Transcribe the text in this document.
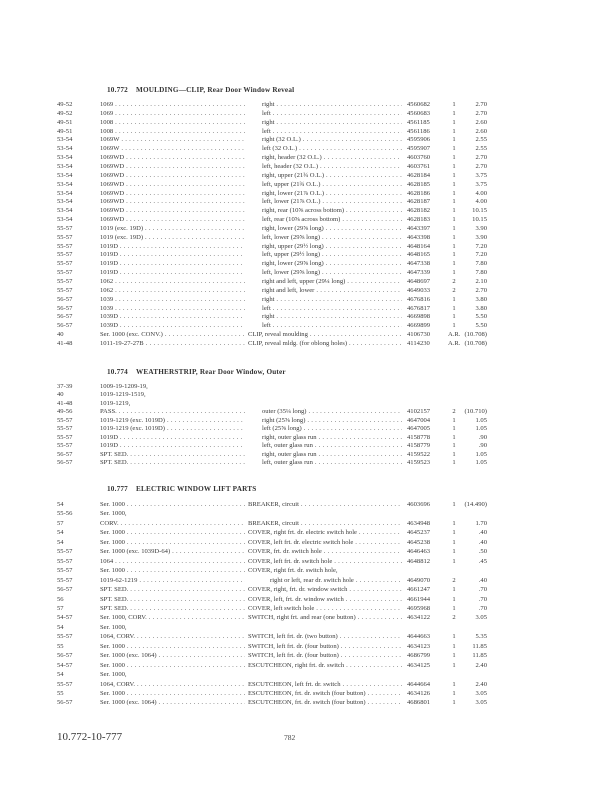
10.772 MOULDING—CLIP, Rear Door Window Reveal
49-52	1069 . . .	right . . .	4560682	1	2.70
49-52	1069 . . .	left . . .	4560683	1	2.70
49-51	1008 . . .	right . . .	4561185	1	2.60
49-51	1008 . . .	left . . .	4561186	1	2.60
53-54	1069W . . .	right (32 O.L.) . . .	4595906	1	2.55
53-54	1069W . . .	left (32 O.L.) . . .	4595907	1	2.55
53-54	1069WD . . .	right, header (32 O.L.) . . .	4603760	1	2.70
53-54	1069WD . . .	left, header (32 O.L.) . . .	4603761	1	2.70
53-54	1069WD . . .	right, upper (21¾ O.L.) . . .	4628184	1	3.75
53-54	1069WD . . .	left, upper (21¾ O.L.) . . .	4628185	1	3.75
53-54	1069WD . . .	right, lower (21⅞ O.L.) . . .	4628186	1	4.00
53-54	1069WD . . .	left, lower (21⅞ O.L.) . . .	4628187	1	4.00
53-54	1069WD . . .	right, rear (10⅝ across bottom) . . .	4628182	1	10.15
53-54	1069WD . . .	left, rear (10⅝ across bottom) . . .	4628183	1	10.15
55-57	1019 (exc. 19D) . . .	right, lower (29⅝ long) . . .	4643397	1	3.90
55-57	1019 (exc. 19D) . . .	left, lower (29⅝ long) . . .	4643398	1	3.90
55-57	1019D . . .	right, upper (29½ long) . . .	4648164	1	7.20
55-57	1019D . . .	left, upper (29½ long) . . .	4648165	1	7.20
55-57	1019D . . .	right, lower (29⅝ long) . . .	4647338	1	7.80
55-57	1019D . . .	left, lower (29⅝ long) . . .	4647339	1	7.80
55-57	1062 . . .	right and left, upper (29¼ long) . . .	4648697	2	2.10
55-57	1062 . . .	right and left, lower . . .	4649033	2	2.70
56-57	1039 . . .	right . . .	4676816	1	3.80
56-57	1039 . . .	left . . .	4676817	1	3.80
56-57	1039D . . .	right . . .	4669898	1	5.50
56-57	1039D . . .	left . . .	4669899	1	5.50
40	Ser. 1000 (exc. CONV.) . . .	CLIP, reveal moulding . . .	4106730	A.R. (10.708)
41-48	1011-19-27-27B . . .	CLIP, reveal mldg. (for oblong holes) . . .	4114230	A.R. (10.708)
10.774 WEATHERSTRIP, Rear Door Window, Outer
37-39	1009-19-1209-19,
40	1019-1219-1519,
41-48	1019-1219,
49-56	PASS. . . .	outer (35¼ long) . . .	4102157	2	(10.710)
55-57	1019-1219 (exc. 1019D) . . .	right (25⅝ long) . . .	4647004	1	1.05
55-57	1019-1219 (exc. 1019D) . . .	left (25⅝ long) . . .	4647005	1	1.05
55-57	1019D . . .	right, outer glass run . . .	4158778	1	.90
55-57	1019D . . .	left, outer glass run . . .	4158779	1	.90
56-57	SPT. SED. . . .	right, outer glass run . . .	4159522	1	1.05
56-57	SPT. SED. . . .	left, outer glass run . . .	4159523	1	1.05
10.777 ELECTRIC WINDOW LIFT PARTS
54	Ser. 1000 . . .	BREAKER, circuit . . .	4603696	1	(14.490)
55-56	Ser. 1000,
57	CORV. . . .	BREAKER, circuit . . .	4634948	1	1.70
54	Ser. 1000 . . .	COVER, right frt. dr. electric switch hole . . .	4645237	1	.40
54	Ser. 1000 . . .	COVER, left frt. dr. electric switch hole . . .	4645238	1	.40
55-57	Ser. 1000 (exc. 1039D-64) . . .	COVER, frt. dr. switch hole . . .	4646463	1	.50
55-57	1064 . . .	COVER, left frt. dr. switch hole . . .	4648812	1	.45
55-57	Ser. 1000 . . .	COVER, right frt. dr. switch hole,
55-57	1019-62-1219 . . .	right or left, rear dr. switch hole . . .	4649070	2	.40
56-57	SPT. SED. . . .	COVER, right, frt. dr. window switch . . .	4661247	1	.70
56	SPT. SED. . . .	COVER, left, frt. dr. window switch . . .	4661944	1	.70
57	SPT. SED. . . .	COVER, left switch hole . . .	4695968	1	.70
54-57	Ser. 1000, CORV. . . .	SWITCH, right frt. and rear (one button) . . .	4634122	2	3.05
54	Ser. 1000,
55-57	1064, CORV. . . .	SWITCH, left frt. dr. (two button) . . .	4644663	1	5.35
55	Ser. 1000 . . .	SWITCH, left frt. dr. (four button) . . .	4634123	1	11.85
56-57	Ser. 1000 (exc. 1064) . . .	SWITCH, left frt. dr. (four button) . . .	4686799	1	11.85
54-57	Ser. 1000 . . .	ESCUTCHEON, right frt. dr. switch . . .	4634125	1	2.40
54	Ser. 1000,
55-57	1064, CORV. . . .	ESCUTCHEON, left frt. dr. switch . . .	4644664	1	2.40
55	Ser. 1000 . . .	ESCUTCHEON, frt. dr. switch (four button) . . .	4634126	1	3.05
56-57	Ser. 1000 (exc. 1064) . . .	ESCUTCHEON, frt. dr. switch (four button) . . .	4686801	1	3.05
10.772-10-777	782
